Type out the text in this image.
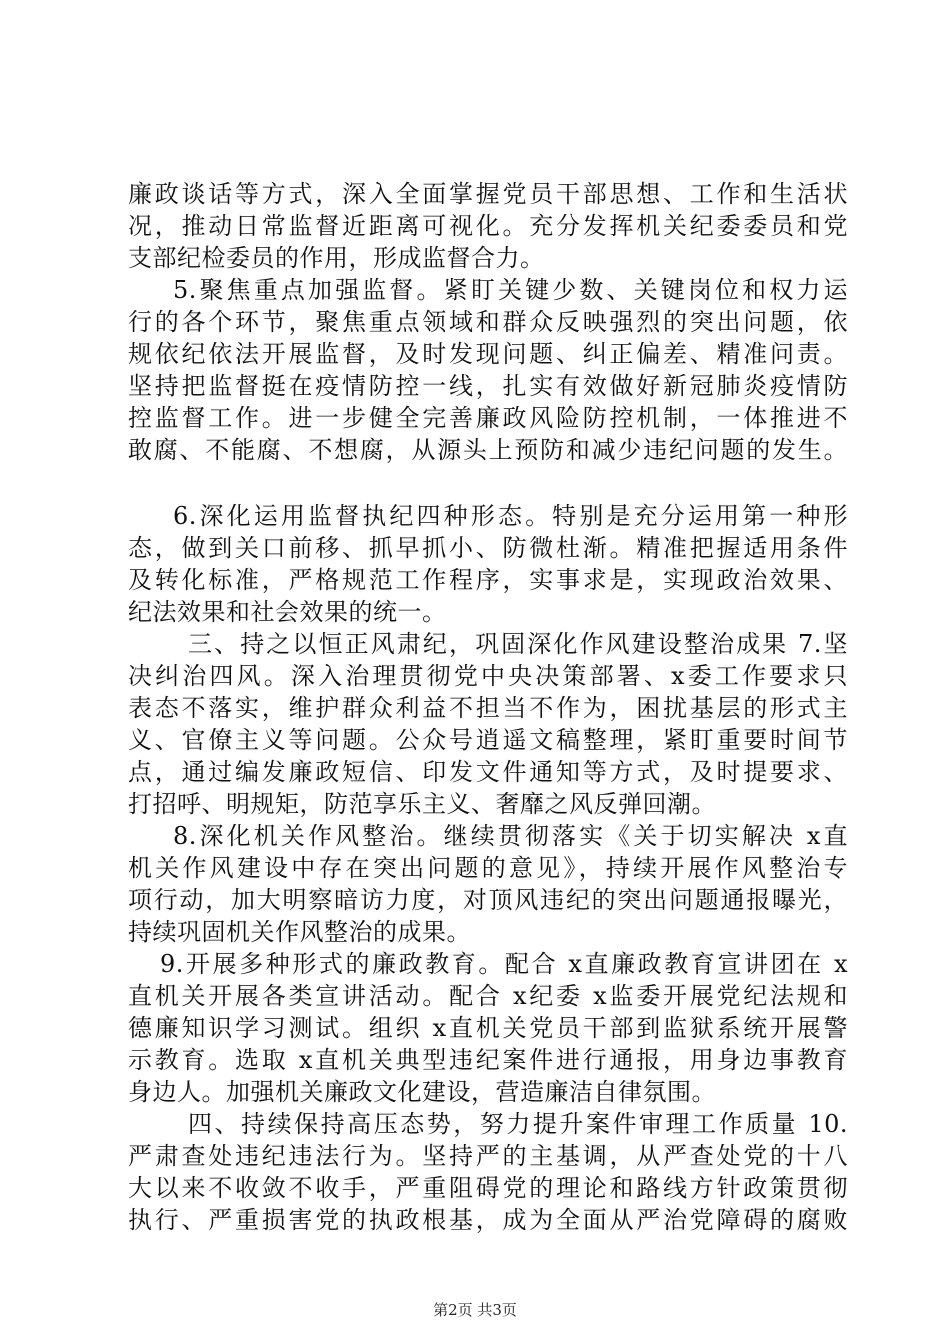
廉政谈话等方式，深入全面掌握党员干部思想、工作和生活状
况，推动日常监督近距离可视化。充分发挥机关纪委委员和党
支部纪检委员的作用，形成监督合力。
5.聚焦重点加强监督。紧盯关键少数、关键岗位和权力运
行的各个环节，聚焦重点领域和群众反映强烈的突出问题，依
规依纪依法开展监督，及时发现问题、纠正偏差、精准问责。
坚持把监督挺在疫情防控一线，扎实有效做好新冠肺炎疫情防
控监督工作。进一步健全完善廉政风险防控机制，一体推进不
敢腐、不能腐、不想腐，从源头上预防和减少违纪问题的发生。
6.深化运用监督执纪四种形态。特别是充分运用第一种形
态，做到关口前移、抓早抓小、防微杜渐。精准把握适用条件
及转化标准，严格规范工作程序，实事求是，实现政治效果、
纪法效果和社会效果的统一。
三、持之以恒正风肃纪，巩固深化作风建设整治成果 7.坚
决纠治四风。深入治理贯彻党中央决策部署、x委工作要求只
表态不落实，维护群众利益不担当不作为，困扰基层的形式主
义、官僚主义等问题。公众号逍遥文稿整理，紧盯重要时间节
点，通过编发廉政短信、印发文件通知等方式，及时提要求、
打招呼、明规矩，防范享乐主义、奢靡之风反弹回潮。
8.深化机关作风整治。继续贯彻落实《关于切实解决 x直
机关作风建设中存在突出问题的意见》，持续开展作风整治专
项行动，加大明察暗访力度，对顶风违纪的突出问题通报曝光，
持续巩固机关作风整治的成果。
9.开展多种形式的廉政教育。配合 x直廉政教育宣讲团在 x
直机关开展各类宣讲活动。配合 x纪委 x监委开展党纪法规和
德廉知识学习测试。组织 x直机关党员干部到监狱系统开展警
示教育。选取 x直机关典型违纪案件进行通报，用身边事教育
身边人。加强机关廉政文化建设，营造廉洁自律氛围。
四、持续保持高压态势，努力提升案件审理工作质量 10.
严肃查处违纪违法行为。坚持严的主基调，从严查处党的十八
大以来不收敛不收手，严重阻碍党的理论和路线方针政策贯彻
执行、严重损害党的执政根基，成为全面从严治党障碍的腐败
第2页 共3页
